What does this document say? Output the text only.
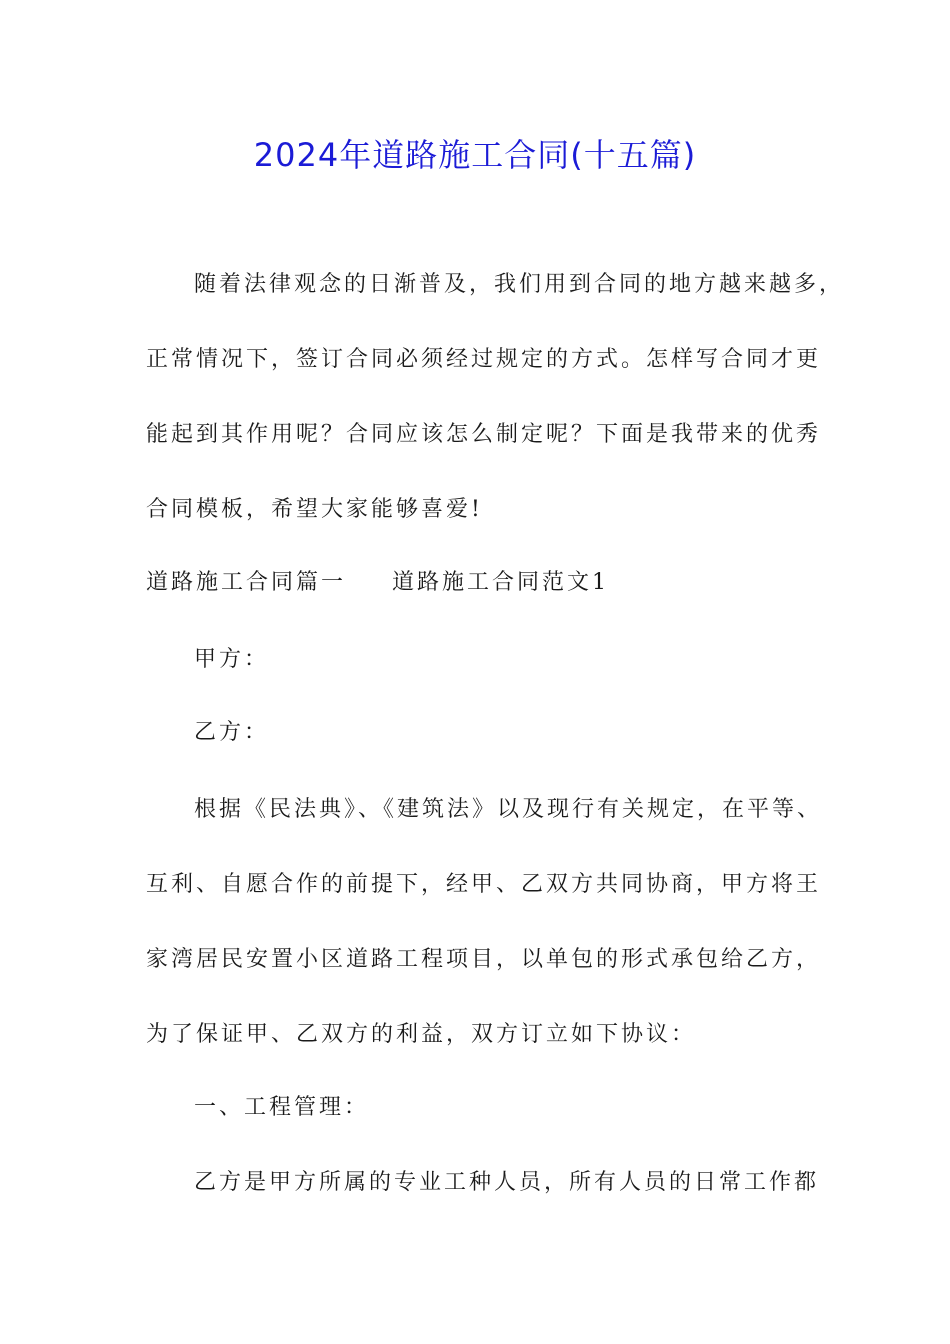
2024年道路施工合同(十五篇)
随着法律观念的日渐普及，我们用到合同的地方越来越多，
正常情况下，签订合同必须经过规定的方式。怎样写合同才更
能起到其作用呢？合同应该怎么制定呢？下面是我带来的优秀
合同模板，希望大家能够喜爱!
道路施工合同篇一 道路施工合同范文1
甲方：
乙方：
根据《民法典》、《建筑法》以及现行有关规定，在平等、
互利、自愿合作的前提下，经甲、乙双方共同协商，甲方将王
家湾居民安置小区道路工程项目，以单包的形式承包给乙方，
为了保证甲、乙双方的利益，双方订立如下协议：
一、工程管理：
乙方是甲方所属的专业工种人员，所有人员的日常工作都
